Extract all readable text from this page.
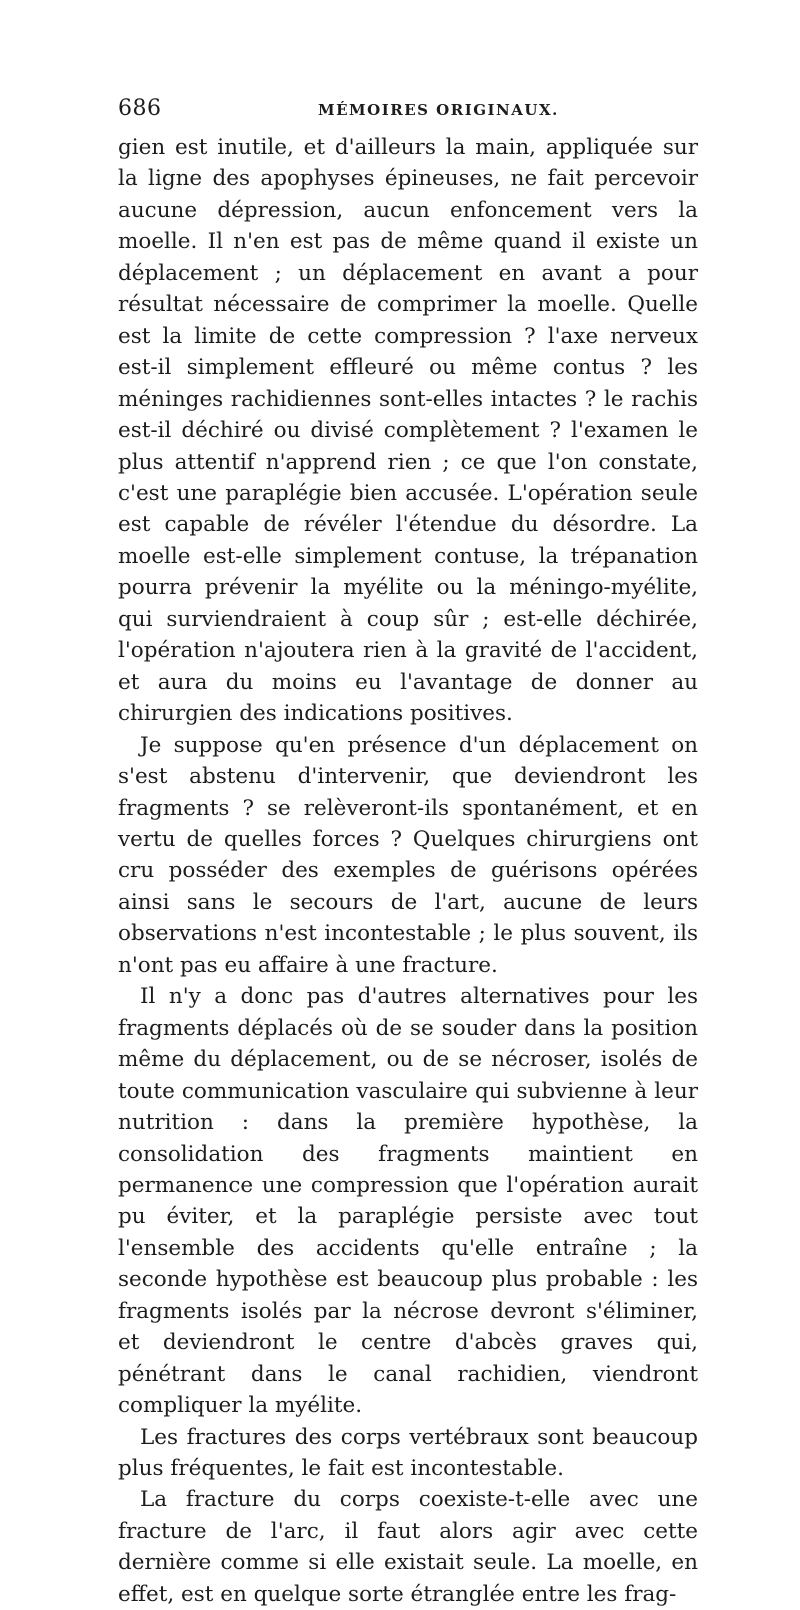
686	MÉMOIRES ORIGINAUX.

gien est inutile, et d'ailleurs la main, appliquée sur la ligne des apophyses épineuses, ne fait percevoir aucune dépression, aucun enfoncement vers la moelle. Il n'en est pas de même quand il existe un déplacement ; un déplacement en avant a pour résultat nécessaire de comprimer la moelle. Quelle est la limite de cette compression ? l'axe nerveux est-il simplement effleuré ou même contus ? les méninges rachidiennes sont-elles intactes ? le rachis est-il déchiré ou divisé complètement ? l'examen le plus attentif n'apprend rien ; ce que l'on constate, c'est une paraplégie bien accusée. L'opération seule est capable de révéler l'étendue du désordre. La moelle est-elle simplement contuse, la trépanation pourra prévenir la myélite ou la méningo-myélite, qui surviendraient à coup sûr ; est-elle déchirée, l'opération n'ajoutera rien à la gravité de l'accident, et aura du moins eu l'avantage de donner au chirurgien des indications positives.

Je suppose qu'en présence d'un déplacement on s'est abstenu d'intervenir, que deviendront les fragments ? se relèveront-ils spontanément, et en vertu de quelles forces ? Quelques chirurgiens ont cru posséder des exemples de guérisons opérées ainsi sans le secours de l'art, aucune de leurs observations n'est incontestable ; le plus souvent, ils n'ont pas eu affaire à une fracture.

Il n'y a donc pas d'autres alternatives pour les fragments déplacés où de se souder dans la position même du déplacement, ou de se nécroser, isolés de toute communication vasculaire qui subvienne à leur nutrition : dans la première hypothèse, la consolidation des fragments maintient en permanence une compression que l'opération aurait pu éviter, et la paraplégie persiste avec tout l'ensemble des accidents qu'elle entraîne ; la seconde hypothèse est beaucoup plus probable : les fragments isolés par la nécrose devront s'éliminer, et deviendront le centre d'abcès graves qui, pénétrant dans le canal rachidien, viendront compliquer la myélite.

Les fractures des corps vertébraux sont beaucoup plus fréquentes, le fait est incontestable.

La fracture du corps coexiste-t-elle avec une fracture de l'arc, il faut alors agir avec cette dernière comme si elle existait seule. La moelle, en effet, est en quelque sorte étranglée entre les frag-
